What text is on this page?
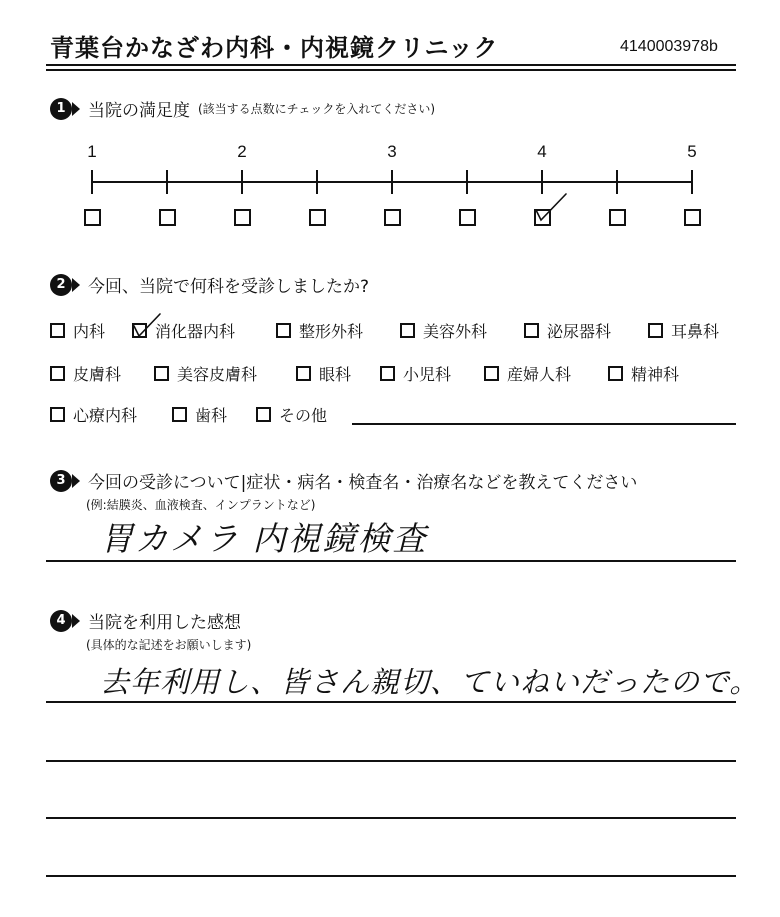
青葉台かなざわ内科・内視鏡クリニック	4140003978b
1	当院の満足度 (該当する点数にチェックを入れてください)
1	2	3	4	5
2	今回、当院で何科を受診しましたか?
内科	消化器内科	整形外科	美容外科	泌尿器科	耳鼻科
皮膚科	美容皮膚科	眼科	小児科	産婦人科	精神科
心療内科	歯科	その他
3	今回の受診について|症状・病名・検査名・治療名などを教えてください
(例:結膜炎、血液検査、インプラントなど)
胃カメラ 内視鏡検査
4	当院を利用した感想
(具体的な記述をお願いします)
去年利用し、皆さん親切、ていねいだったので。
